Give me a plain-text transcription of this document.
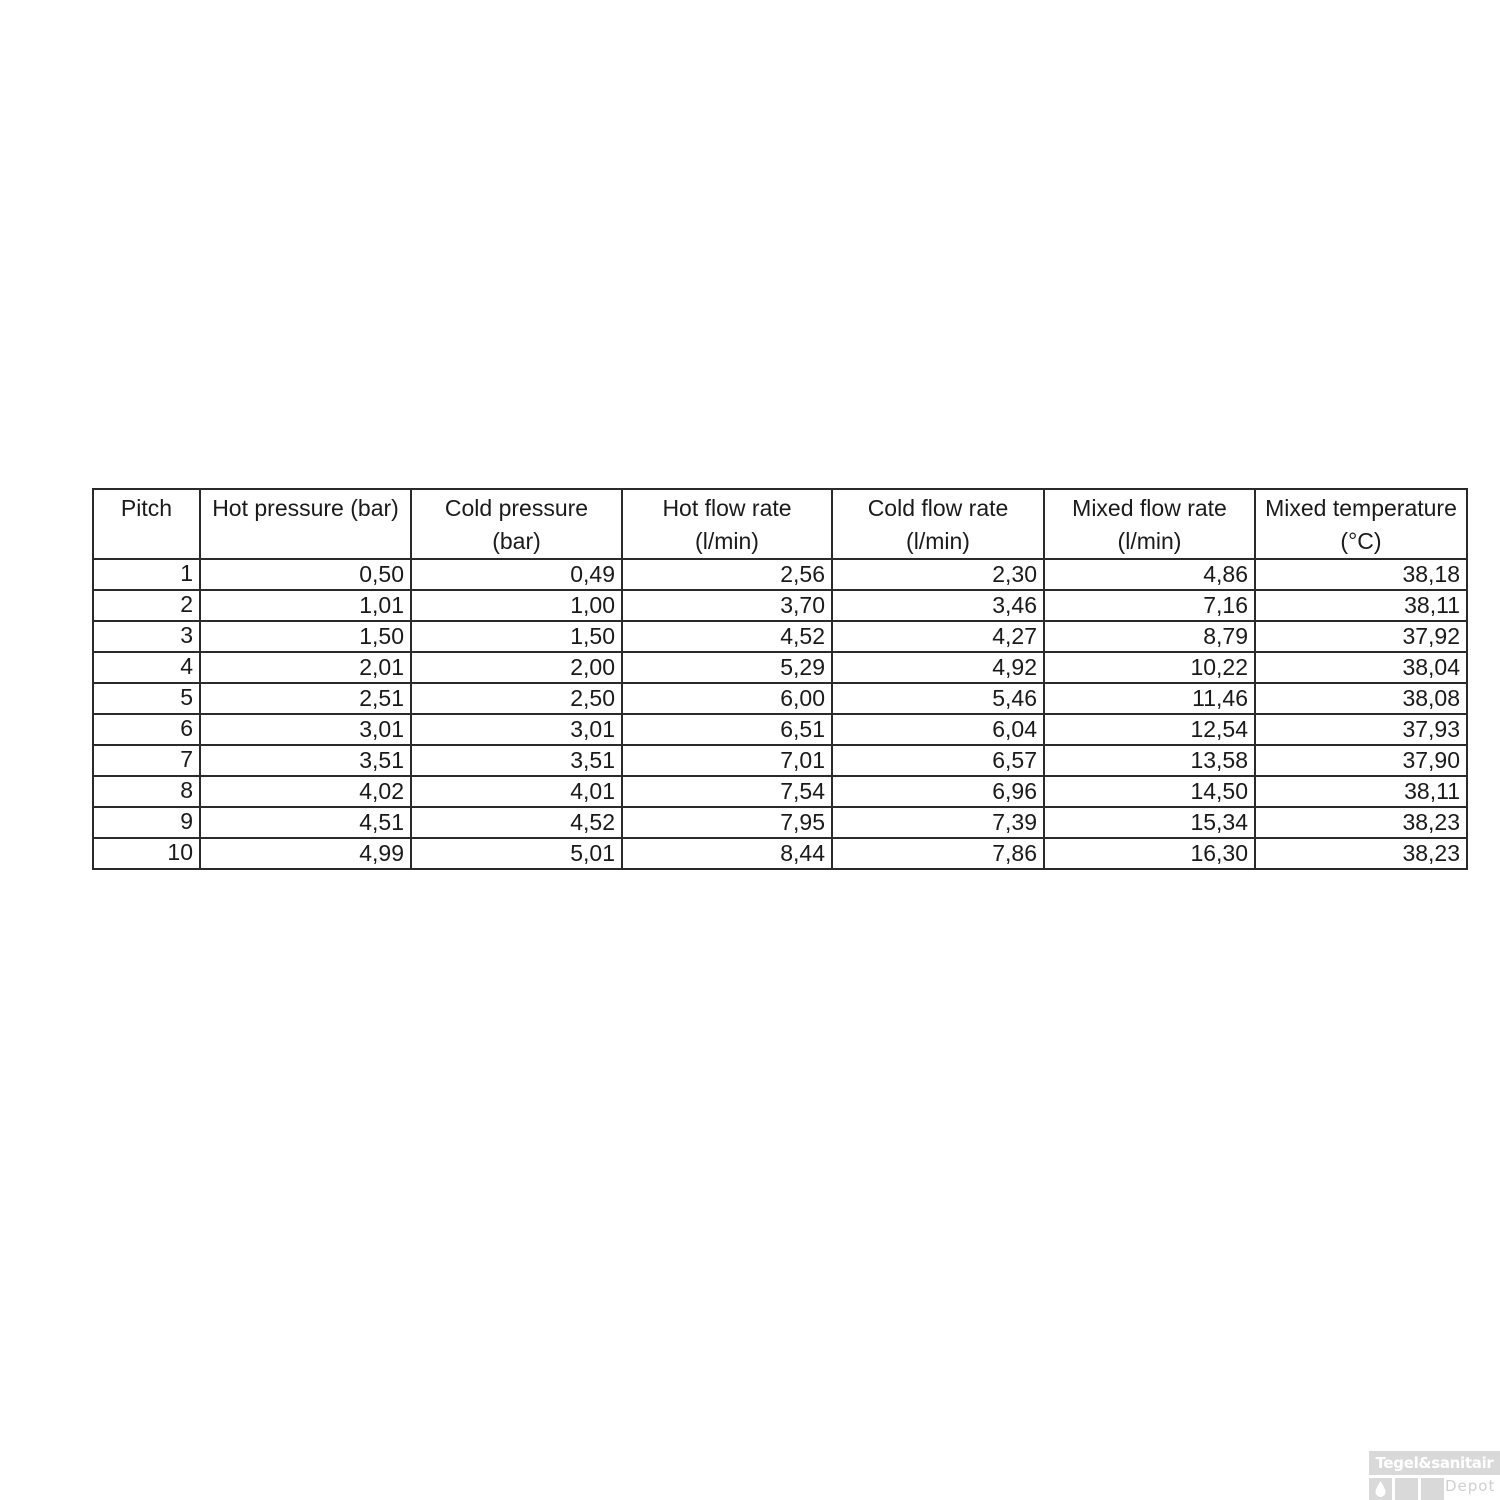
Pitch	Hot pressure (bar)	Cold pressure (bar)	Hot flow rate (l/min)	Cold flow rate (l/min)	Mixed flow rate (l/min)	Mixed temperature (°C)
1	0,50	0,49	2,56	2,30	4,86	38,18
2	1,01	1,00	3,70	3,46	7,16	38,11
3	1,50	1,50	4,52	4,27	8,79	37,92
4	2,01	2,00	5,29	4,92	10,22	38,04
5	2,51	2,50	6,00	5,46	11,46	38,08
6	3,01	3,01	6,51	6,04	12,54	37,93
7	3,51	3,51	7,01	6,57	13,58	37,90
8	4,02	4,01	7,54	6,96	14,50	38,11
9	4,51	4,52	7,95	7,39	15,34	38,23
10	4,99	5,01	8,44	7,86	16,30	38,23
Tegel&sanitair
Depot
